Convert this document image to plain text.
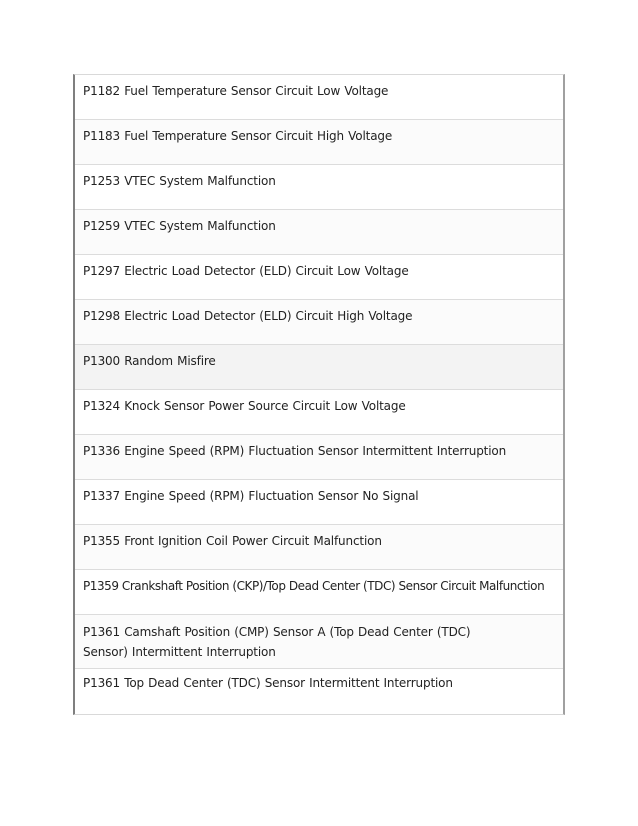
P1182 Fuel Temperature Sensor Circuit Low Voltage
P1183 Fuel Temperature Sensor Circuit High Voltage
P1253 VTEC System Malfunction
P1259 VTEC System Malfunction
P1297 Electric Load Detector (ELD) Circuit Low Voltage
P1298 Electric Load Detector (ELD) Circuit High Voltage
P1300 Random Misfire
P1324 Knock Sensor Power Source Circuit Low Voltage
P1336 Engine Speed (RPM) Fluctuation Sensor Intermittent Interruption
P1337 Engine Speed (RPM) Fluctuation Sensor No Signal
P1355 Front Ignition Coil Power Circuit Malfunction
P1359 Crankshaft Position (CKP)/Top Dead Center (TDC) Sensor Circuit Malfunction
P1361 Camshaft Position (CMP) Sensor A (Top Dead Center (TDC) Sensor) Intermittent Interruption
P1361 Top Dead Center (TDC) Sensor Intermittent Interruption
